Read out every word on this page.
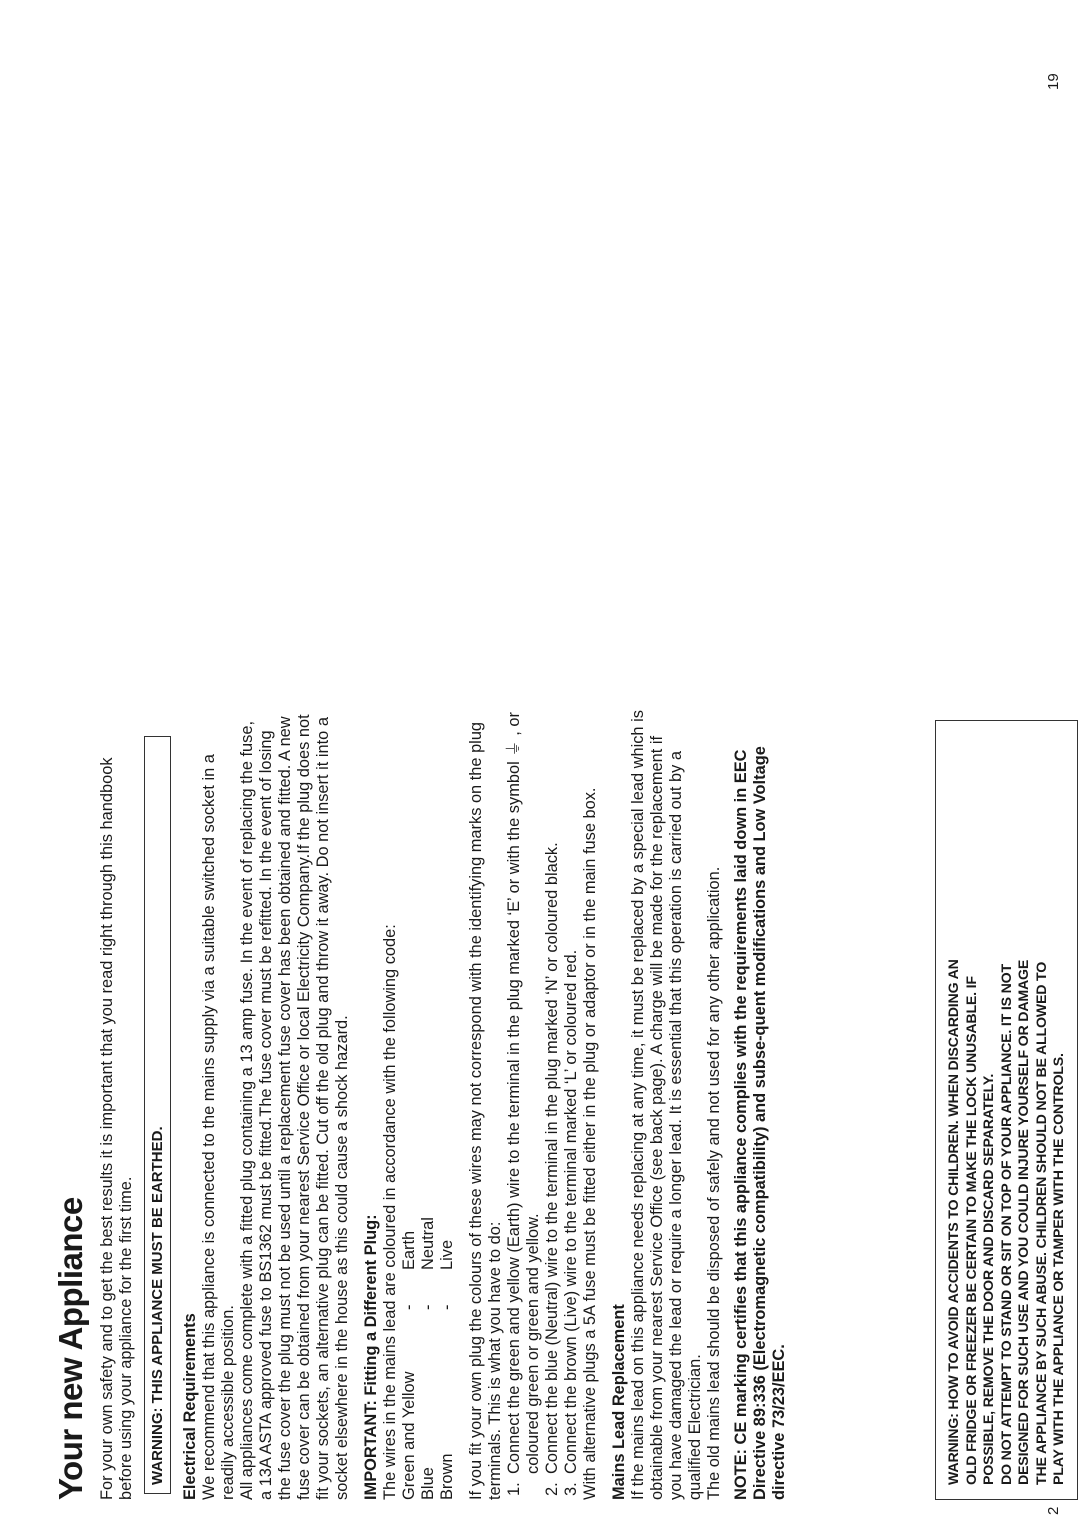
Your new Appliance For your own safety and to get the best results it is important that you read right through this handbook before using your appliance for the first time. WARNING: THIS APPLIANCE MUST BE EARTHED. Electrical Requirements We recommend that this appliance is connected to the mains supply via a suitable switched socket in a readily accessible position. All appliances come complete with a fitted plug containing a 13 amp fuse. In the event of replacing the fuse, a 13A ASTA approved fuse to BS1362 must be fitted.The fuse cover must be refitted. In the event of losing the fuse cover the plug must not be used until a replacement fuse cover has been obtained and fitted. A new fuse cover can be obtained from your nearest Service Office or local Electricity Company.If the plug does not fit your sockets, an alternative plug can be fitted. Cut off the old plug and throw it away. Do not insert it into a socket elsewhere in the house as this could cause a shock hazard. IMPORTANT: Fitting a Different Plug: The wires in the mains lead are coloured in accordance with the following code: Green and Yellow	-	Earth
Blue	-	Neutral
Brown	-	Live If you fit your own plug the colours of these wires may not correspond with the identifying marks on the plug terminals. This is what you have to do: 1.
Connect the green and yellow (Earth) wire to the terminal in the plug marked ‘E’ or with the symbol ⏚ , or coloured green or green and yellow.
2.
Connect the blue (Neutral) wire to the terminal in the plug marked ‘N’ or coloured black.
3.
Connect the brown (Live) wire to the terminal marked ‘L’ or coloured red. With alternative plugs a 5A fuse must be fitted either in the plug or adaptor or in the main fuse box. Mains Lead Replacement If the mains lead on this appliance needs replacing at any time, it must be replaced by a special lead which is obtainable from your nearest Service Office (see back page). A charge will be made for the replacement if you have damaged the lead or require a longer lead. It is essential that this operation is carried out by a qualified Electrician. The old mains lead should be disposed of safely and not used for any other application. NOTE: CE marking certifies that this appliance complies with the requirements laid down in EEC Directive 89:336 (Electromagnetic compatibility) and subse-quent modifications and Low Voltage directive 73/23/EEC.	WARNING: HOW TO AVOID ACCIDENTS TO CHILDREN. WHEN DISCARDING AN OLD FRIDGE OR FREEZER BE CERTAIN TO MAKE THE LOCK UNUSABLE. IF POSSIBLE, REMOVE THE DOOR AND DISCARD SEPARATELY. DO NOT ATTEMPT TO STAND OR SIT ON TOP OF YOUR APPLIANCE. IT IS NOT DESIGNED FOR SUCH USE AND YOU COULD INJURE YOURSELF OR DAMAGE THE APPLIANCE BY SUCH ABUSE. CHILDREN SHOULD NOT BE ALLOWED TO PLAY WITH THE APPLIANCE OR TAMPER WITH THE CONTROLS.
2
19
